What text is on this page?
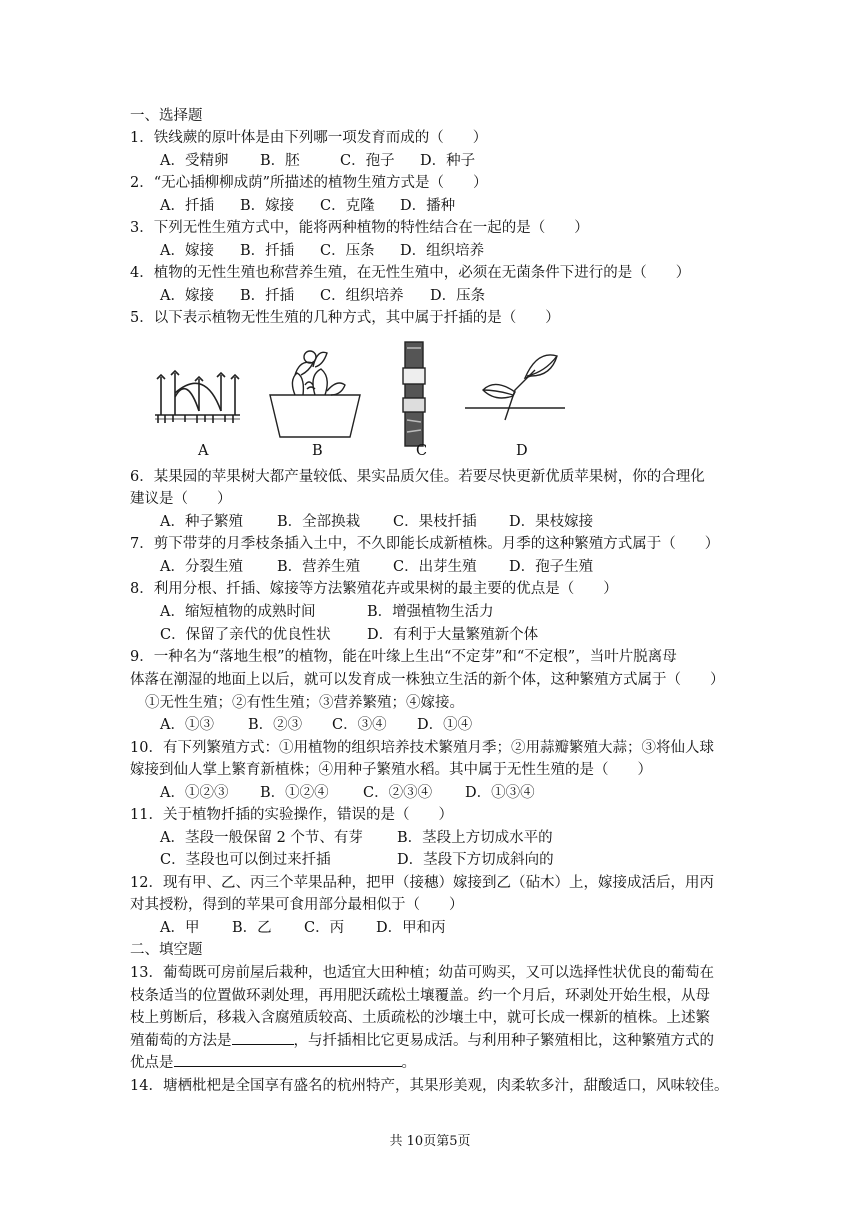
一、选择题
1．铁线蕨的原叶体是由下列哪一项发育而成的（　　）
A．受精卵 B．胚	C．孢子 D．种子
2．“无心插柳柳成荫”所描述的植物生殖方式是（　　）
A．扦插 B．嫁接 C．克隆 D．播种
3．下列无性生殖方式中，能将两种植物的特性结合在一起的是（　　）
A．嫁接 B．扦插 C．压条 D．组织培养
4．植物的无性生殖也称营养生殖，在无性生殖中，必须在无菌条件下进行的是（　　）
A．嫁接 B．扦插 C．组织培养 D．压条
5．以下表示植物无性生殖的几种方式，其中属于扦插的是（　　）
A	B	C	D
6．某果园的苹果树大都产量较低、果实品质欠佳。若要尽快更新优质苹果树，你的合理化
建议是（　　）
A．种子繁殖 B．全部换栽 C．果枝扦插 D．果枝嫁接
7．剪下带芽的月季枝条插入土中，不久即能长成新植株。月季的这种繁殖方式属于（　　）
A．分裂生殖 B．营养生殖 C．出芽生殖 D．孢子生殖
8．利用分根、扦插、嫁接等方法繁殖花卉或果树的最主要的优点是（　　）
A．缩短植物的成熟时间	B．增强植物生活力
C．保留了亲代的优良性状	D．有利于大量繁殖新个体
9．一种名为“落地生根”的植物，能在叶缘上生出“不定芽”和“不定根”，当叶片脱离母
体落在潮湿的地面上以后，就可以发育成一株独立生活的新个体，这种繁殖方式属于（　　）
①无性生殖；②有性生殖；③营养繁殖；④嫁接。
A．①③ B．②③ C．③④ D．①④
10．有下列繁殖方式：①用植物的组织培养技术繁殖月季；②用蒜瓣繁殖大蒜；③将仙人球
嫁接到仙人掌上繁育新植株；④用种子繁殖水稻。其中属于无性生殖的是（　　）
A．①②③ B．①②④ C．②③④ D．①③④
11．关于植物扦插的实验操作，错误的是（　　）
A．茎段一般保留 2 个节、有芽 B．茎段上方切成水平的
C．茎段也可以倒过来扦插	D．茎段下方切成斜向的
12．现有甲、乙、丙三个苹果品种，把甲（接穗）嫁接到乙（砧木）上，嫁接成活后，用丙
对其授粉，得到的苹果可食用部分最相似于（　　）
A．甲 B．乙 C．丙 D．甲和丙
二、填空题
13．葡萄既可房前屋后栽种，也适宜大田种植；幼苗可购买，又可以选择性状优良的葡萄在
枝条适当的位置做环剥处理，再用肥沃疏松土壤覆盖。约一个月后，环剥处开始生根，从母
枝上剪断后，移栽入含腐殖质较高、土质疏松的沙壤土中，就可长成一棵新的植株。上述繁
殖葡萄的方法是	，与扦插相比它更易成活。与利用种子繁殖相比，这种繁殖方式的
优点是	。
14．塘栖枇杷是全国享有盛名的杭州特产，其果形美观，肉柔软多汁，甜酸适口，风味较佳。
共 10页第5页
